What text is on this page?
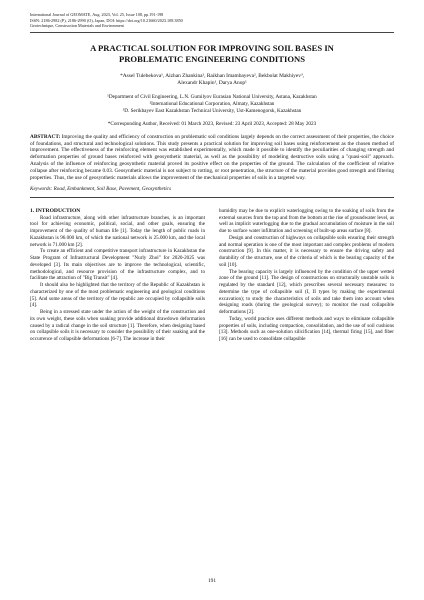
International Journal of GEOMATE, Aug. 2023, Vol. 25, Issue 108, pp.191-198
ISSN: 2186-2982 (P), 2186-2990 (O), Japan, DOI: https://doi.org/10.21660/2023.108.3850
Geotechnique, Construction Materials and Environment
A PRACTICAL SOLUTION FOR IMPROVING SOIL BASES IN
PROBLEMATIC ENGINEERING CONDITIONS
*Assel Tulebekova¹, Aizhan Zhankina¹, Raikhan Imambayeva², Bekbolat Makhiyev³,
Alexandr Khapin¹, Darya Anop¹
¹Department of Civil Engineering, L.N. Gumilyov Eurasian National University, Astana, Kazakhstan
²International Educational Corporation, Almaty, Kazakhstan
³D. Serikbayev East Kazakhstan Technical University, Ust-Kamenogorsk, Kazakhstan
*Corresponding Author, Received: 01 March 2023, Revised: 23 April 2023, Accepted: 28 May 2023
ABSTRACT: Improving the quality and efficiency of construction on problematic soil conditions largely depends on the correct assessment of their properties, the choice of foundations, and structural and technological solutions. This study presents a practical solution for improving soil bases using reinforcement as the chosen method of improvement. The effectiveness of the reinforcing element was established experimentally, which made it possible to identify the peculiarities of changing strength and deformation properties of ground bases reinforced with geosynthetic material, as well as the possibility of modeling destructive soils using a "quasi-soil" approach. Analysis of the influence of reinforcing geosynthetic material proved its positive effect on the properties of the ground. The calculation of the coefficient of relative collapse after reinforcing became 0.03. Geosynthetic material is not subject to rotting, or root penetration, the structure of the material provides good strength and filtering properties. Thus, the use of geosynthetic materials allows the improvement of the mechanical properties of soils in a targeted way.
Keywords: Road, Embankment, Soil Base, Pavement, Geosynthetics

1. INTRODUCTION

Road infrastructure, along with other infrastructure branches, is an important tool for achieving economic, political, social, and other goals, ensuring the improvement of the quality of human life [1]. Today the length of public roads in Kazakhstan is 96.000 km, of which the national network is 25.000 km, and the local network is 71.000 km [2].

To create an efficient and competitive transport infrastructure in Kazakhstan the State Program of Infrastructural Development "Nurly Zhol" for 2020-2025 was developed [3]. Its main objectives are to improve the technological, scientific, methodological, and resource provision of the infrastructure complex, and to facilitate the attraction of "Big Transit" [4].

It should also be highlighted that the territory of the Republic of Kazakhstan is characterized by one of the most problematic engineering and geological conditions [5]. And some areas of the territory of the republic are occupied by collapsible soils [4].

Being in a stressed state under the action of the weight of the construction and its own weight, these soils when soaking provide additional drawdown deformation caused by a radical change in the soil structure [1]. Therefore, when designing based on collapsible soils it is necessary to consider the possibility of their soaking and the occurrence of collapsible deformations [6-7]. The increase in their

humidity may be due to explicit waterlogging owing to the soaking of soils from the external sources from the top and from the bottom at the rise of groundwater level, as well as implicit waterlogging due to the gradual accumulation of moisture in the soil due to surface water infiltration and screening of built-up areas surface [8].

Design and construction of highways on collapsible soils ensuring their strength and normal operation is one of the most important and complex problems of modern construction [9]. In this matter, it is necessary to ensure the driving safety and durability of the structure, one of the criteria of which is the bearing capacity of the soil [10].

The bearing capacity is largely influenced by the condition of the upper wetted zone of the ground [11]. The design of constructions on structurally unstable soils is regulated by the standard [12], which prescribes several necessary measures: to determine the type of collapsible soil (I, II types by making the experimental excavation); to study the characteristics of soils and take them into account when designing roads (during the geological survey); to monitor the road collapsible deformations [2].

Today, world practice uses different methods and ways to eliminate collapsible properties of soils, including compaction, consolidation, and the use of soil cushions [13]. Methods such as one-solution silicification [14], thermal firing [15], and fiber [16] can be used to consolidate collapsible

191
